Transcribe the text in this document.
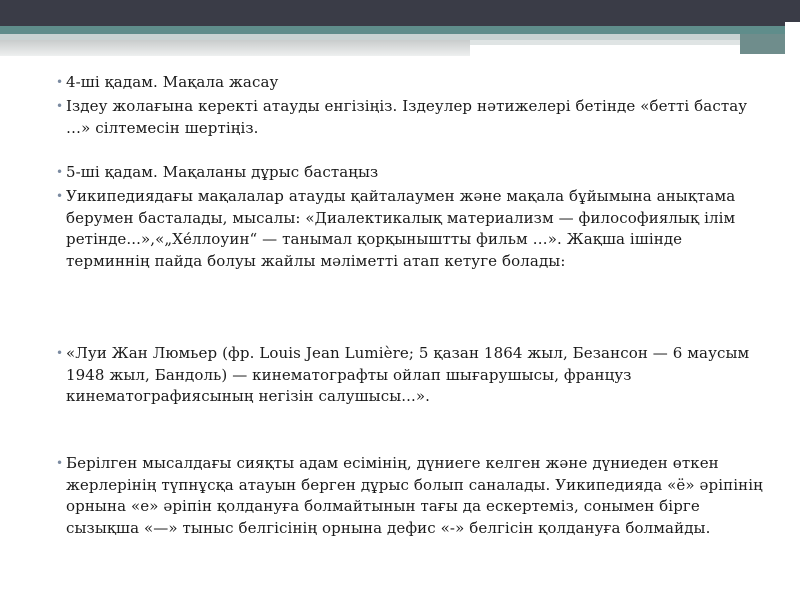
• 4-ші қадам. Мақала жасау
• Іздеу жолағына керекті атауды енгізіңіз. Іздеулер нәтижелері бетінде «бетті бастау …» сілтемесін шертіңіз.
• 5-ші қадам. Мақаланы дұрыс бастаңыз
• Уикипедиядағы мақалалар атауды қайталаумен және мақала бұйымына анықтама берумен басталады, мысалы: «Диалектикалық материализм — философиялық ілім ретінде...»,«„Хе́ллоуин“ — танымал қорқыныштты фильм …». Жақша ішінде терминнің пайда болуы жайлы мәліметті атап кетуге болады:
• «Луи Жан Люмьер (фр. Louis Jean Lumière; 5 қазан 1864 жыл, Безансон — 6 маусым 1948 жыл, Бандоль) — кинематографты ойлап шығарушысы, француз кинематографиясының негізін салушысы...».
• Берілген мысалдағы сияқты адам есімінің, дүниеге келген және дүниеден өткен жерлерінің түпнұсқа атауын берген дұрыс болып саналады. Уикипедияда «ё» әріпінің орнына «е» әріпін қолдануға болмайтынын тағы да ескертеміз, сонымен бірге сызықша «—» тыныс белгісінің орнына дефис «-» белгісін қолдануға болмайды.
